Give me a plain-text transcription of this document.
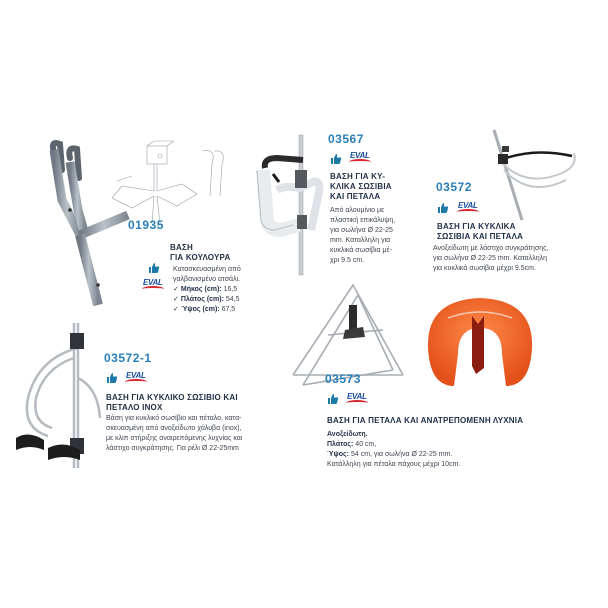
01935
ΒΑΣΗ
ΓΙΑ ΚΟΥΛΟΥΡΑ
EVAL
Κατασκευασμένη από
γαλβανισμένο ατσάλι.
✓ Μήκος (cm): 16,5
✓ Πλάτος (cm): 54,5
✓ Ύψος (cm): 67,5
03567
EVAL
ΒΑΣΗ ΓΙΑ ΚΥ-
ΚΛΙΚΑ ΣΩΣΙΒΙΑ
ΚΑΙ ΠΕΤΑΛΑ
Από αλουμίνιο με
πλαστική επικάλυψη,
για σωλήνα Ø 22-25
mm. Καταλληλη για
κυκλικά σωσίβια μέ-
χρι 9.5 cm.
03572
EVAL
ΒΑΣΗ ΓΙΑ ΚΥΚΛΙΚΑ
ΣΩΣΙΒΙΑ ΚΑΙ ΠΕΤΑΛΑ
Ανοξείδωτη με λάστιχο συγκράτησης,
για σωλήνα Ø 22-25 mm. Καταλληλη
για κυκλικά σωσίβια μέχρι 9.5cm.
03573
EVAL
ΒΑΣΗ ΓΙΑ ΠΕΤΑΛΑ ΚΑΙ ΑΝΑΤΡΕΠΟΜΕΝΗ ΛΥΧΝΙΑ
Ανοξείδωτη.
Πλάτος: 40 cm,
Ύψος: 54 cm, για σωλήνα Ø 22-25 mm.
Κατάλληλη για πέταλα πάχους μέχρι 10cm.
03572-1
EVAL
ΒΑΣΗ ΓΙΑ ΚΥΚΛΙΚΟ ΣΩΣΙΒΙΟ ΚΑΙ
ΠΕΤΑΛΟ INOX
Βάση για κυκλικό σωσίβιο και πέταλο, κατα-
σκευασμένη από ανοξείδωτο χάλυβα (inox),
με κλιπ στήριξης αναιρεπόμενης λυχνίας και
λάστιχο συγκράτησης. Για ρέλι Ø 22-25mm
